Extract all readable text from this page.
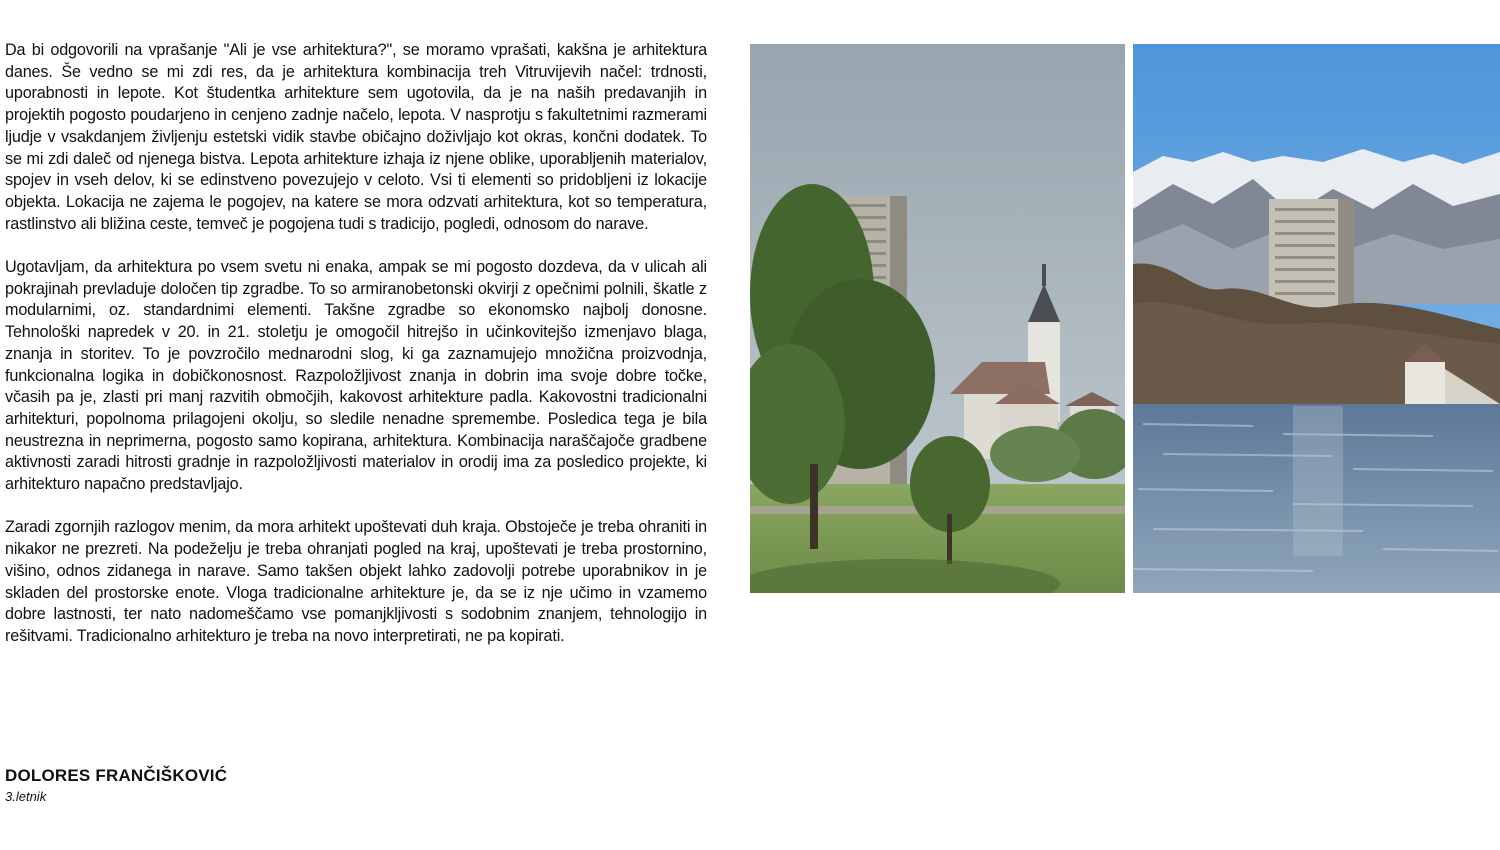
Da bi odgovorili na vprašanje "Ali je vse arhitektura?", se moramo vprašati, kakšna je arhitektura danes. Še vedno se mi zdi res, da je arhitektura kombinacija treh Vitruvijevih načel: trdnosti, uporabnosti in lepote. Kot študentka arhitekture sem ugotovila, da je na naših predavanjih in projektih pogosto poudarjeno in cenjeno zadnje načelo, lepota. V nasprotju s fakultetnimi razmerami ljudje v vsakdanjem življenju estetski vidik stavbe običajno doživljajo kot okras, končni dodatek. To se mi zdi daleč od njenega bistva. Lepota arhitekture izhaja iz njene oblike, uporabljenih materialov, spojev in vseh delov, ki se edinstveno povezujejo v celoto. Vsi ti elementi so pridobljeni iz lokacije objekta. Lokacija ne zajema le pogojev, na katere se mora odzvati arhitektura, kot so temperatura, rastlinstvo ali bližina ceste, temveč je pogojena tudi s tradicijo, pogledi, odnosom do narave.

Ugotavljam, da arhitektura po vsem svetu ni enaka, ampak se mi pogosto dozdeva, da v ulicah ali pokrajinah prevladuje določen tip zgradbe. To so armiranobetonski okvirji z opečnimi polnili, škatle z modularnimi, oz. standardnimi elementi. Takšne zgradbe so ekonomsko najbolj donosne. Tehnološki napredek v 20. in 21. stoletju je omogočil hitrejšo in učinkovitejšo izmenjavo blaga, znanja in storitev. To je povzročilo mednarodni slog, ki ga zaznamujejo množična proizvodnja, funkcionalna logika in dobičkonosnost. Razpoložljivost znanja in dobrin ima svoje dobre točke, včasih pa je, zlasti pri manj razvitih območjih, kakovost arhitekture padla. Kakovostni tradicionalni arhitekturi, popolnoma prilagojeni okolju, so sledile nenadne spremembe. Posledica tega je bila neustrezna in neprimerna, pogosto samo kopirana, arhitektura. Kombinacija naraščajoče gradbene aktivnosti zaradi hitrosti gradnje in razpoložljivosti materialov in orodij ima za posledico projekte, ki arhitekturo napačno predstavljajo.

Zaradi zgornjih razlogov menim, da mora arhitekt upoštevati duh kraja. Obstoječe je treba ohraniti in nikakor ne prezreti. Na podeželju je treba ohranjati pogled na kraj, upoštevati je treba prostornino, višino, odnos zidanega in narave. Samo takšen objekt lahko zadovolji potrebe uporabnikov in je skladen del prostorske enote. Vloga tradicionalne arhitekture je, da se iz nje učimo in vzamemo dobre lastnosti, ter nato nadomeščamo vse pomanjkljivosti s sodobnim znanjem, tehnologijo in rešitvami. Tradicionalno arhitekturo je treba na novo interpretirati, ne pa kopirati.

DOLORES FRANČIŠKOVIĆ
3.letnik
